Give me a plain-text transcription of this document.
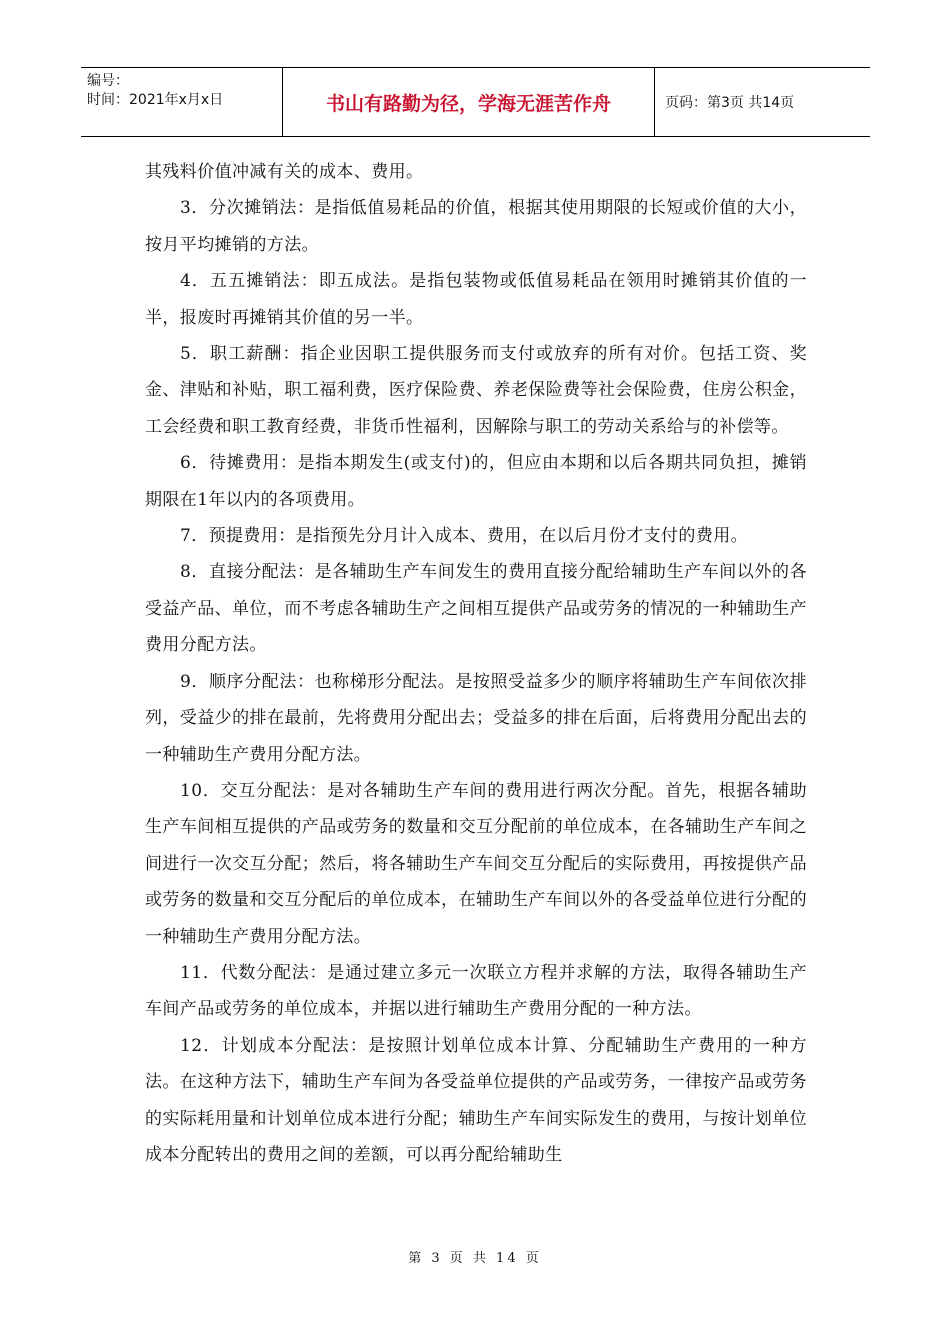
编号：
时间：2021年x月x日	书山有路勤为径，学海无涯苦作舟	页码：第3页 共14页

其残料价值冲减有关的成本、费用。

3．分次摊销法：是指低值易耗品的价值，根据其使用期限的长短或价值的大小，按月平均摊销的方法。

4．五五摊销法：即五成法。是指包装物或低值易耗品在领用时摊销其价值的一半，报废时再摊销其价值的另一半。

5．职工薪酬：指企业因职工提供服务而支付或放弃的所有对价。包括工资、奖金、津贴和补贴，职工福利费，医疗保险费、养老保险费等社会保险费，住房公积金，工会经费和职工教育经费，非货币性福利，因解除与职工的劳动关系给与的补偿等。

6．待摊费用：是指本期发生(或支付)的，但应由本期和以后各期共同负担，摊销期限在1年以内的各项费用。

7．预提费用：是指预先分月计入成本、费用，在以后月份才支付的费用。

8．直接分配法：是各辅助生产车间发生的费用直接分配给辅助生产车间以外的各受益产品、单位，而不考虑各辅助生产之间相互提供产品或劳务的情况的一种辅助生产费用分配方法。

9．顺序分配法：也称梯形分配法。是按照受益多少的顺序将辅助生产车间依次排列，受益少的排在最前，先将费用分配出去；受益多的排在后面，后将费用分配出去的一种辅助生产费用分配方法。

10．交互分配法：是对各辅助生产车间的费用进行两次分配。首先，根据各辅助生产车间相互提供的产品或劳务的数量和交互分配前的单位成本，在各辅助生产车间之间进行一次交互分配；然后，将各辅助生产车间交互分配后的实际费用，再按提供产品或劳务的数量和交互分配后的单位成本，在辅助生产车间以外的各受益单位进行分配的一种辅助生产费用分配方法。

11．代数分配法：是通过建立多元一次联立方程并求解的方法，取得各辅助生产车间产品或劳务的单位成本，并据以进行辅助生产费用分配的一种方法。

12．计划成本分配法：是按照计划单位成本计算、分配辅助生产费用的一种方法。在这种方法下，辅助生产车间为各受益单位提供的产品或劳务，一律按产品或劳务的实际耗用量和计划单位成本进行分配；辅助生产车间实际发生的费用，与按计划单位成本分配转出的费用之间的差额，可以再分配给辅助生

第 3 页 共 14 页
